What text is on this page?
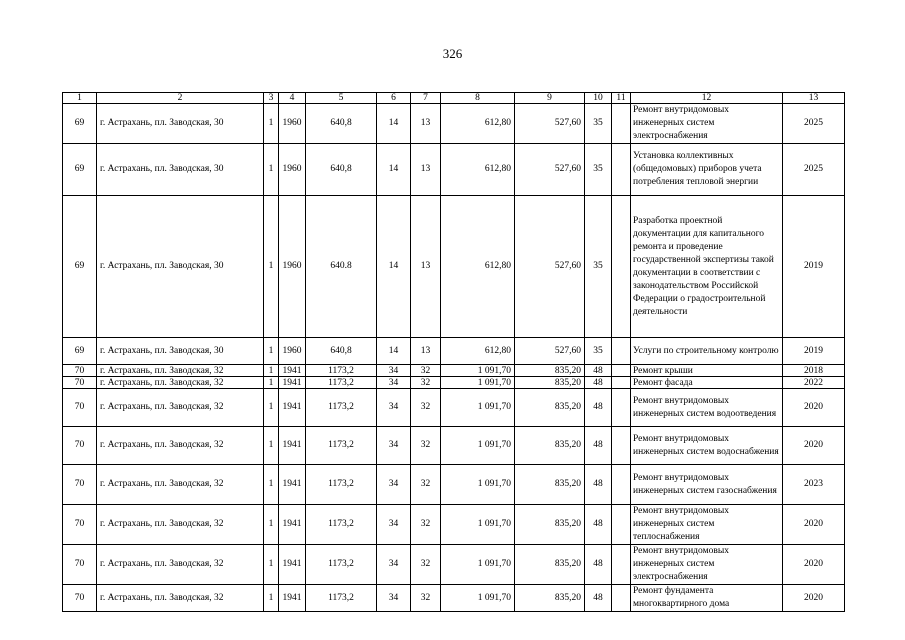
326
1	2	3	4	5	6	7	8	9	10	11	12	13
69	г. Астрахань, пл. Заводская, 30	1	1960	640,8	14	13	612,80	527,60	35		Ремонт внутридомовых инженерных систем электроснабжения	2025
69	г. Астрахань, пл. Заводская, 30	1	1960	640,8	14	13	612,80	527,60	35		Установка коллективных (общедомовых) приборов учета потребления тепловой энергии	2025
69	г. Астрахань, пл. Заводская, 30	1	1960	640.8	14	13	612,80	527,60	35		Разработка проектной документации для капитального ремонта и проведение государственной экспертизы такой документации в соответствии с законодательством Российской Федерации о градостроительной деятельности	2019
69	г. Астрахань, пл. Заводская, 30	1	1960	640,8	14	13	612,80	527,60	35		Услуги по строительному контролю	2019
70	г. Астрахань, пл. Заводская, 32	1	1941	1173,2	34	32	1 091,70	835,20	48		Ремонт крыши	2018
70	г. Астрахань, пл. Заводская, 32	1	1941	1173,2	34	32	1 091,70	835,20	48		Ремонт фасада	2022
70	г. Астрахань, пл. Заводская, 32	1	1941	1173,2	34	32	1 091,70	835,20	48		Ремонт внутридомовых инженерных систем водоотведения	2020
70	г. Астрахань, пл. Заводская, 32	1	1941	1173,2	34	32	1 091,70	835,20	48		Ремонт внутридомовых инженерных систем водоснабжения	2020
70	г. Астрахань, пл. Заводская, 32	1	1941	1173,2	34	32	1 091,70	835,20	48		Ремонт внутридомовых инженерных систем газоснабжения	2023
70	г. Астрахань, пл. Заводская, 32	1	1941	1173,2	34	32	1 091,70	835,20	48		Ремонт внутридомовых инженерных систем теплоснабжения	2020
70	г. Астрахань, пл. Заводская, 32	1	1941	1173,2	34	32	1 091,70	835,20	48		Ремонт внутридомовых инженерных систем электроснабжения	2020
70	г. Астрахань, пл. Заводская, 32	1	1941	1173,2	34	32	1 091,70	835,20	48		Ремонт фундамента многоквартирного дома	2020
